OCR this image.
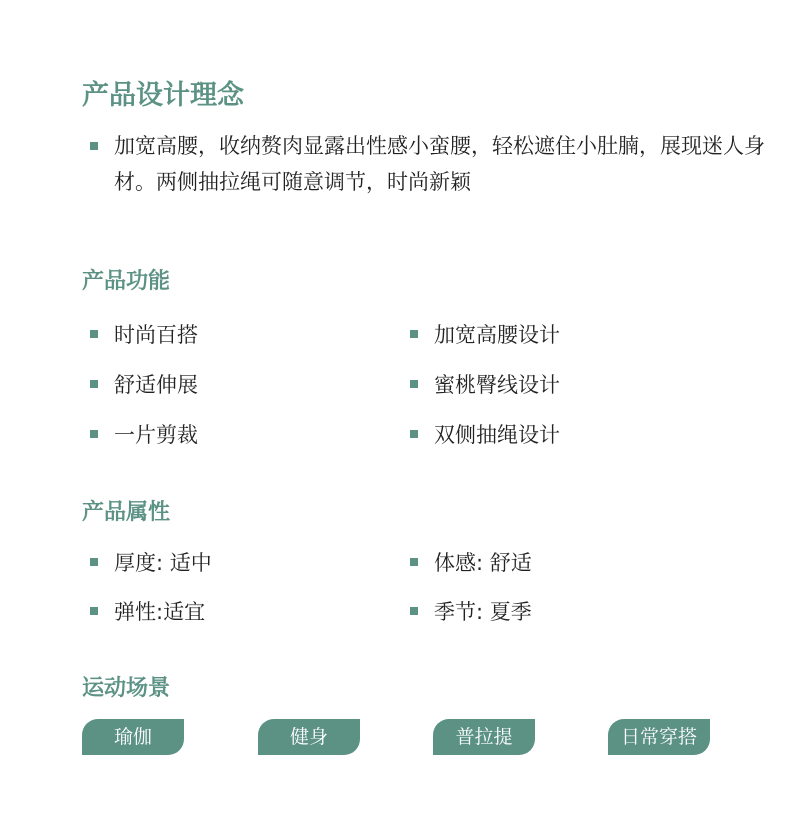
产品设计理念
加宽高腰，收纳赘肉显露出性感小蛮腰，轻松遮住小肚腩，展现迷人身材。两侧抽拉绳可随意调节，时尚新颖
产品功能
时尚百搭	加宽高腰设计
舒适伸展	蜜桃臀线设计
一片剪裁	双侧抽绳设计
产品属性
厚度: 适中	体感: 舒适
弹性:适宜	季节: 夏季
运动场景
瑜伽	健身	普拉提	日常穿搭
